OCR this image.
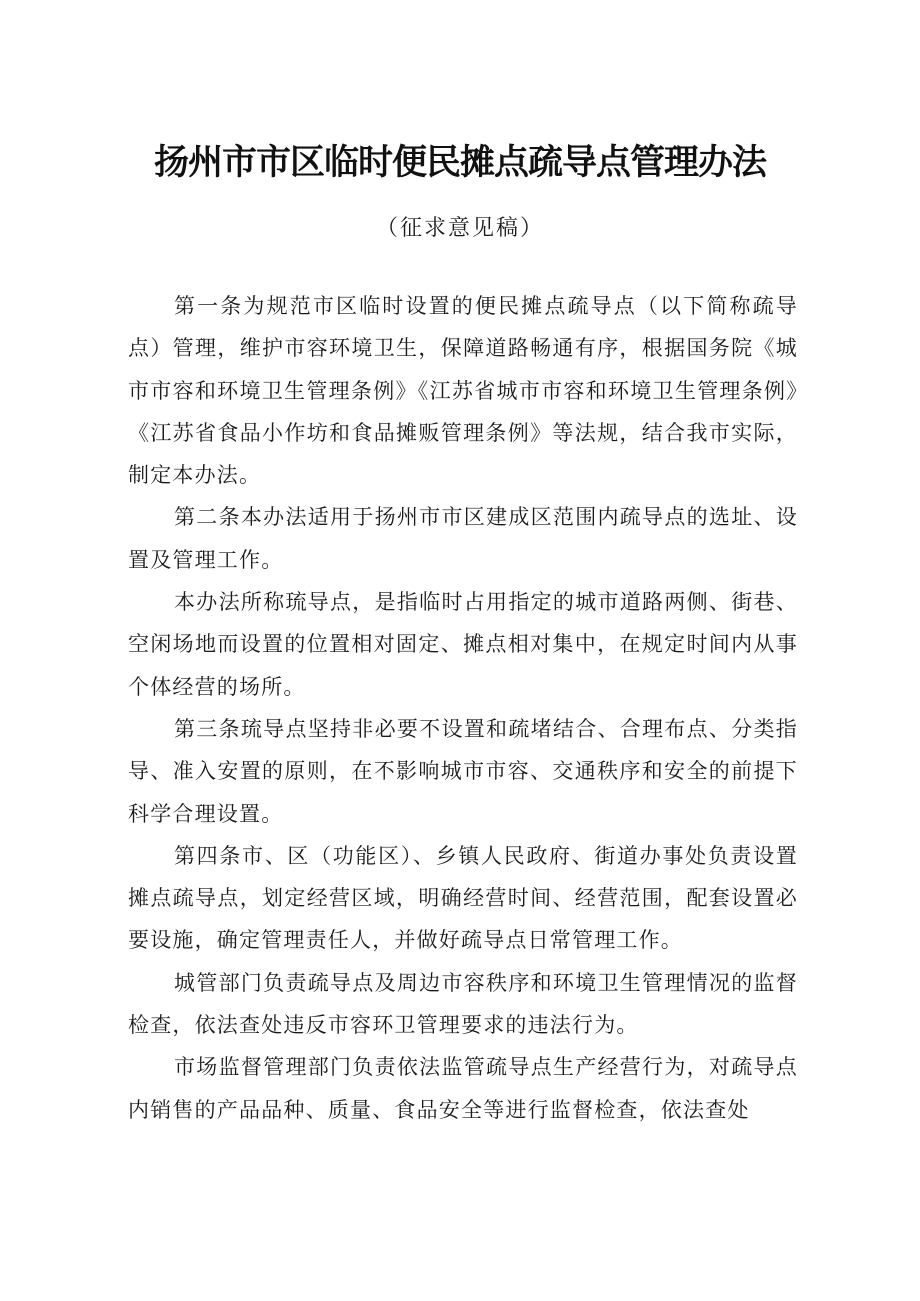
扬州市市区临时便民摊点疏导点管理办法
（征求意见稿）

第一条为规范市区临时设置的便民摊点疏导点（以下简称疏导点）管理，维护市容环境卫生，保障道路畅通有序，根据国务院《城市市容和环境卫生管理条例》《江苏省城市市容和环境卫生管理条例》《江苏省食品小作坊和食品摊贩管理条例》等法规，结合我市实际，制定本办法。

第二条本办法适用于扬州市市区建成区范围内疏导点的选址、设置及管理工作。

本办法所称琉导点，是指临时占用指定的城市道路两侧、街巷、空闲场地而设置的位置相对固定、摊点相对集中，在规定时间内从事个体经营的场所。

第三条琉导点坚持非必要不设置和疏堵结合、合理布点、分类指导、准入安置的原则，在不影响城市市容、交通秩序和安全的前提下科学合理设置。

第四条市、区（功能区）、乡镇人民政府、街道办事处负责设置摊点疏导点，划定经营区域，明确经营时间、经营范围，配套设置必要设施，确定管理责任人，并做好疏导点日常管理工作。

城管部门负责疏导点及周边市容秩序和环境卫生管理情况的监督检查，依法查处违反市容环卫管理要求的违法行为。

市场监督管理部门负责依法监管疏导点生产经营行为，对疏导点内销售的产品品种、质量、食品安全等进行监督检查，依法查处
